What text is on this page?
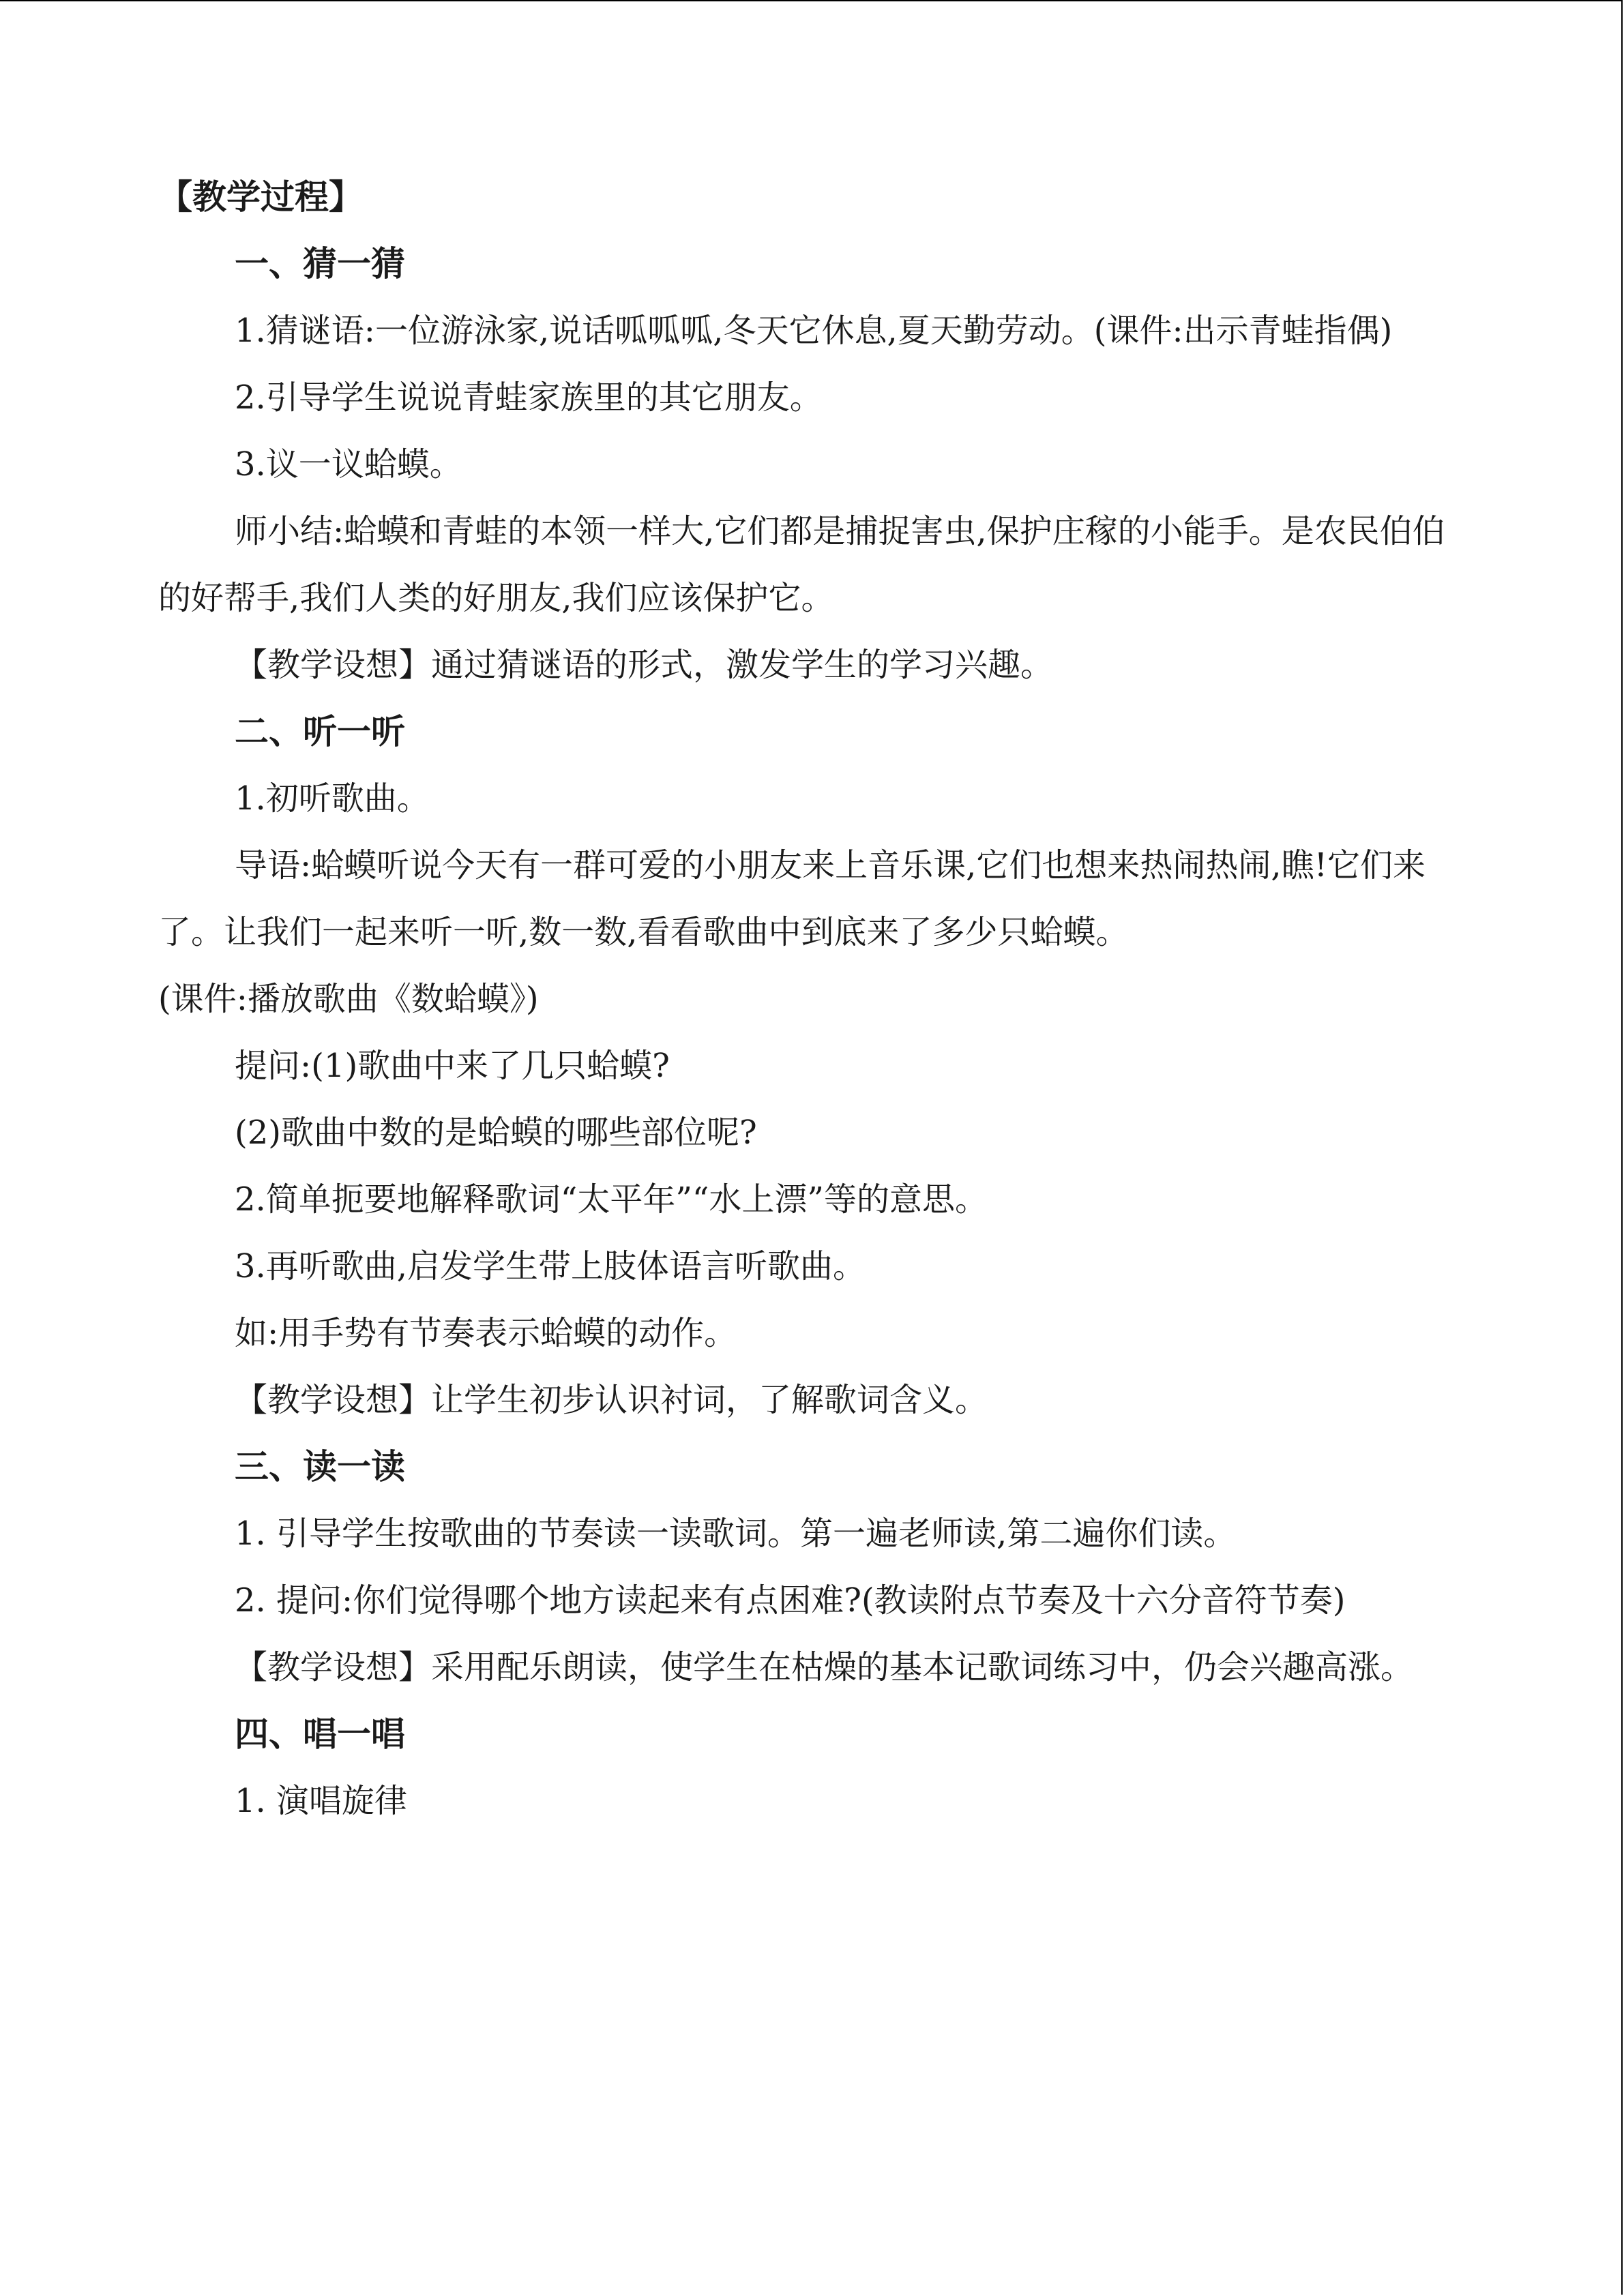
【教学过程】

一、猜一猜

1.猜谜语:一位游泳家,说话呱呱呱,冬天它休息,夏天勤劳动。(课件:出示青蛙指偶)

2.引导学生说说青蛙家族里的其它朋友。

3.议一议蛤蟆。

师小结:蛤蟆和青蛙的本领一样大,它们都是捕捉害虫,保护庄稼的小能手。是农民伯伯的好帮手,我们人类的好朋友,我们应该保护它。

【教学设想】通过猜谜语的形式，激发学生的学习兴趣。

二、听一听

1.初听歌曲。

导语:蛤蟆听说今天有一群可爱的小朋友来上音乐课,它们也想来热闹热闹,瞧!它们来了。让我们一起来听一听,数一数,看看歌曲中到底来了多少只蛤蟆。

(课件:播放歌曲《数蛤蟆》)

提问:(1)歌曲中来了几只蛤蟆?

(2)歌曲中数的是蛤蟆的哪些部位呢?

2.简单扼要地解释歌词“太平年”“水上漂”等的意思。

3.再听歌曲,启发学生带上肢体语言听歌曲。

如:用手势有节奏表示蛤蟆的动作。

【教学设想】让学生初步认识衬词，了解歌词含义。

三、读一读

1. 引导学生按歌曲的节奏读一读歌词。第一遍老师读,第二遍你们读。

2. 提问:你们觉得哪个地方读起来有点困难?(教读附点节奏及十六分音符节奏)

【教学设想】采用配乐朗读，使学生在枯燥的基本记歌词练习中，仍会兴趣高涨。

四、唱一唱

1. 演唱旋律
